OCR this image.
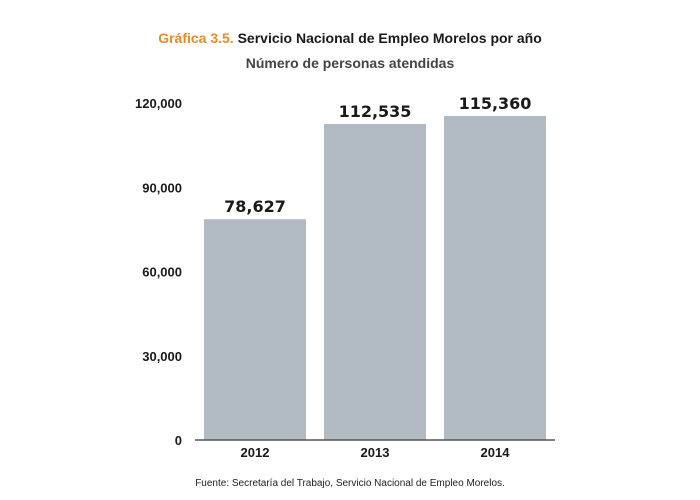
Gráfica 3.5. Servicio Nacional de Empleo Morelos por año
Número de personas atendidas
0
30,000
60,000
90,000
120,000
78,627
2012
112,535
2013
115,360
2014
Fuente: Secretaría del Trabajo, Servicio Nacional de Empleo Morelos.
